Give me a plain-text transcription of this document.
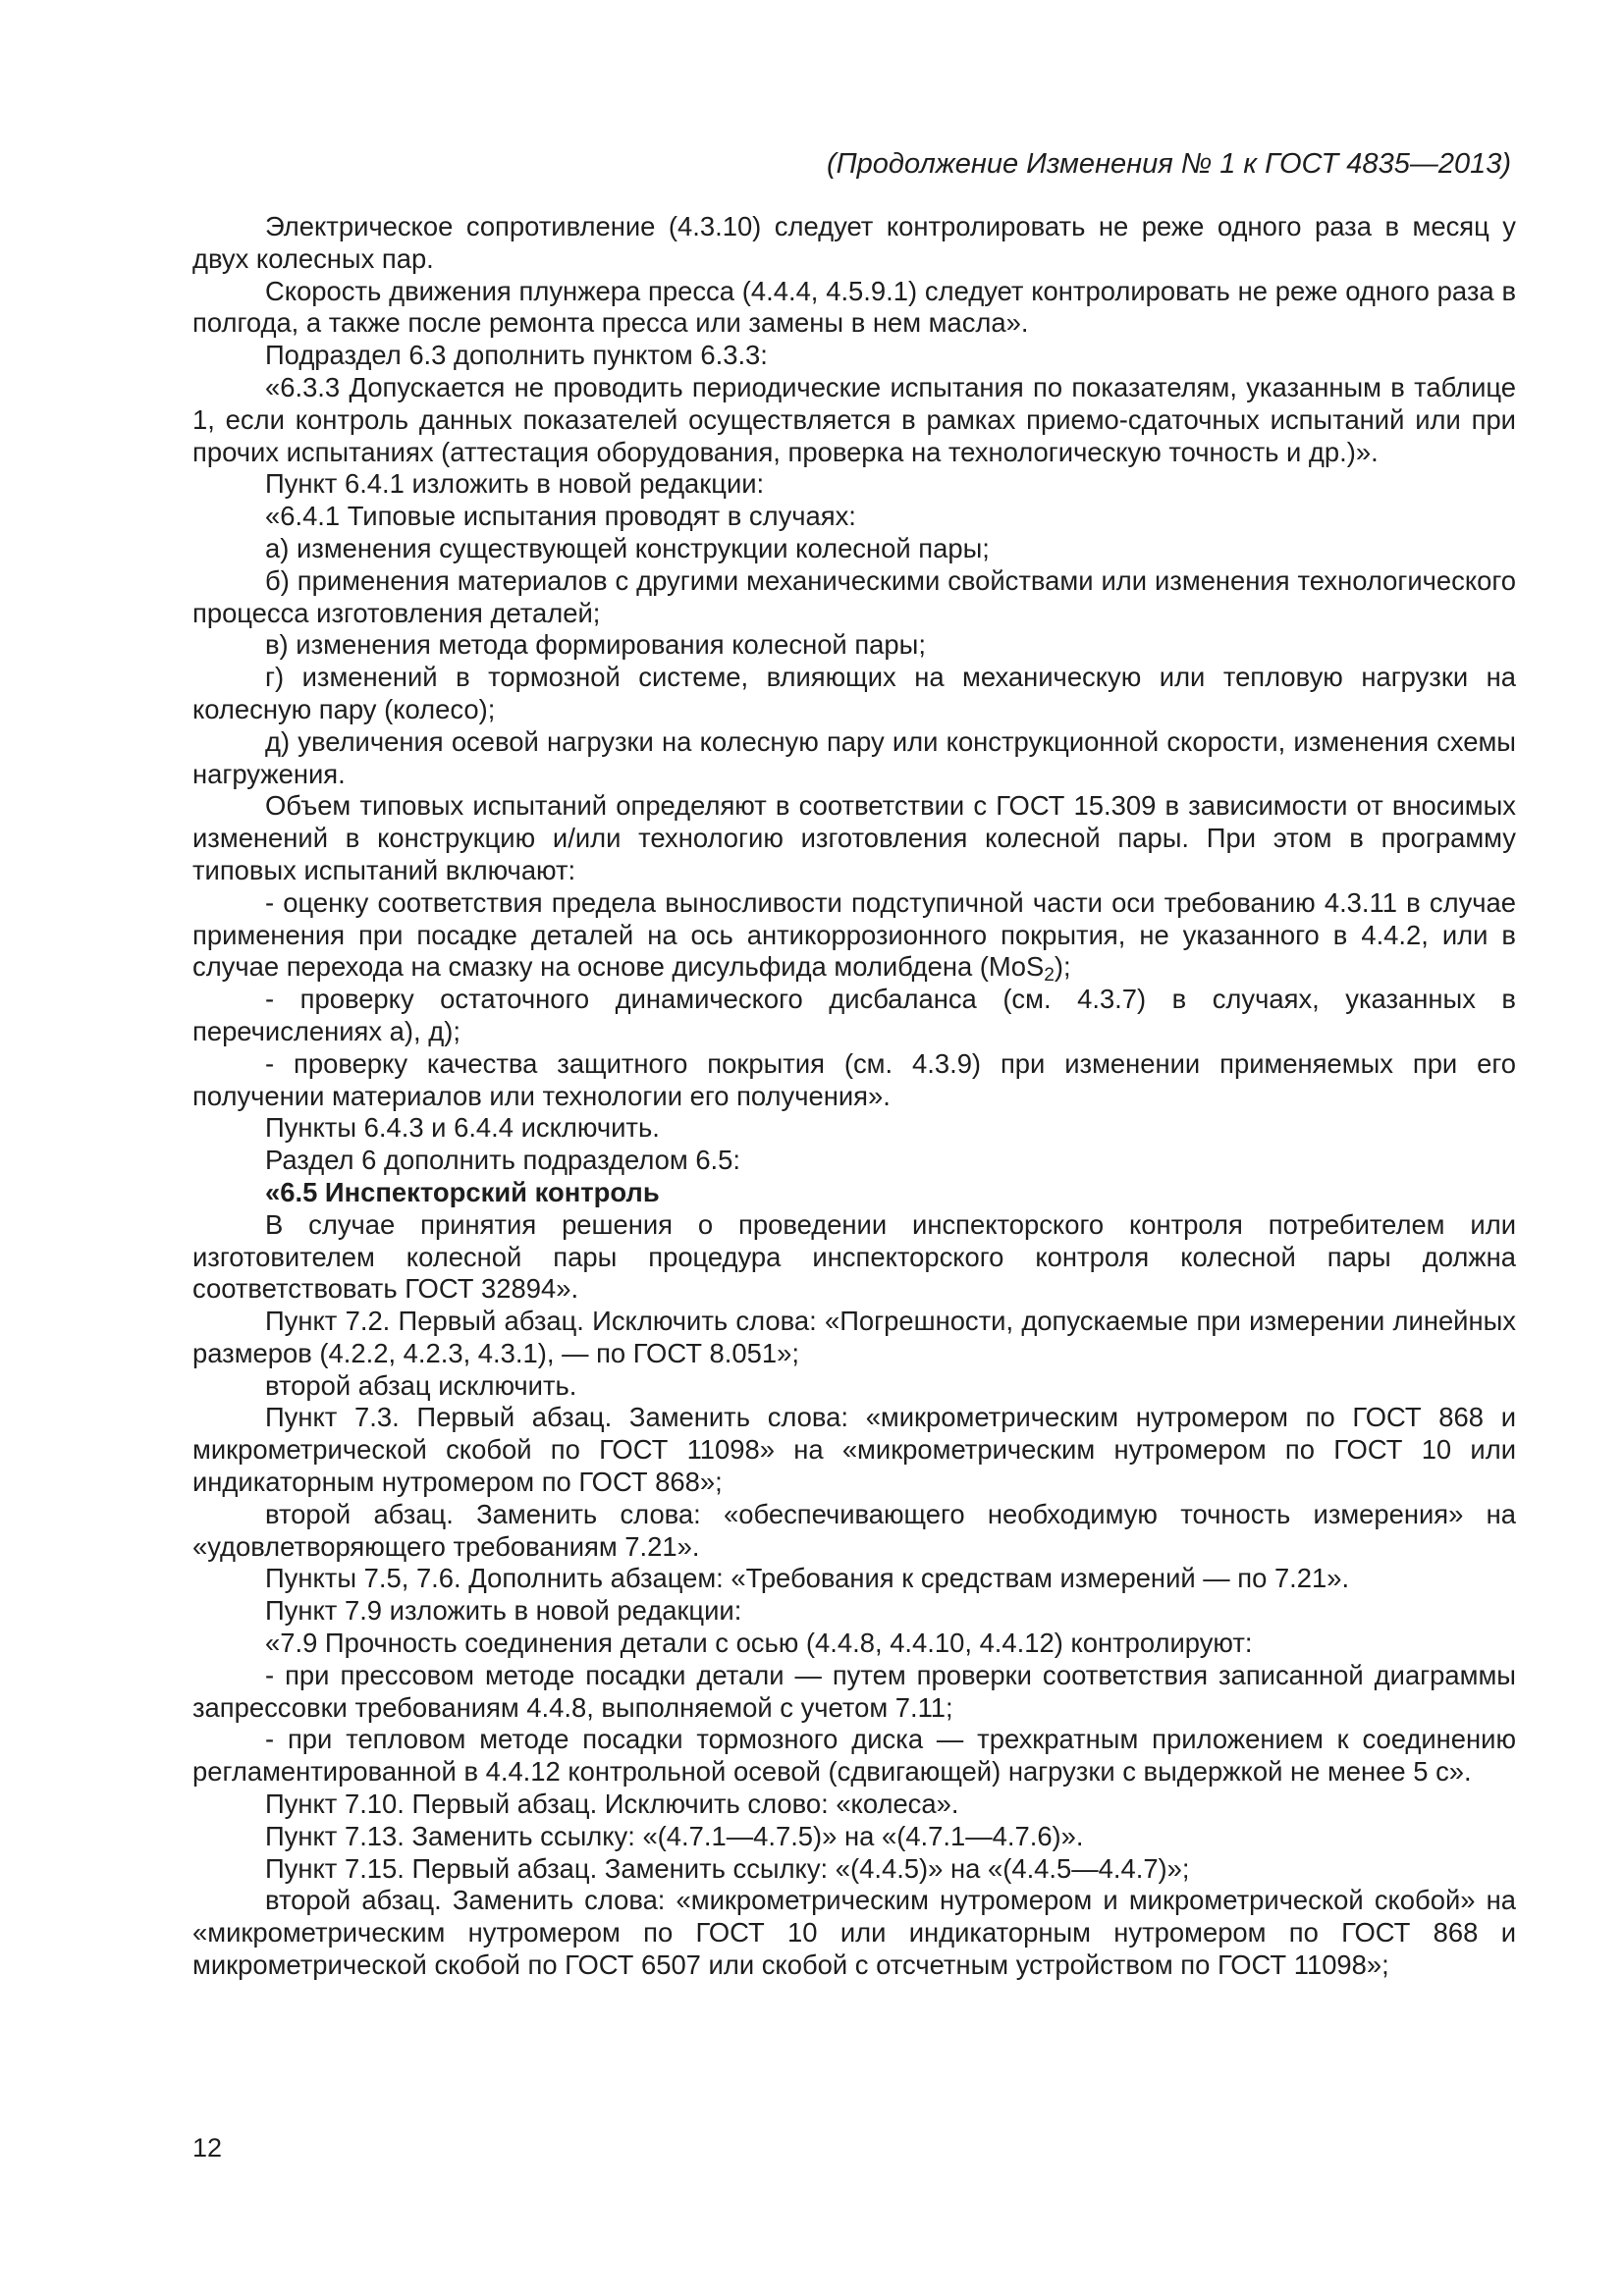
(Продолжение Изменения № 1 к ГОСТ 4835—2013)

Электрическое сопротивление (4.3.10) следует контролировать не реже одного раза в месяц у двух колесных пар.

Скорость движения плунжера пресса (4.4.4, 4.5.9.1) следует контролировать не реже одного раза в полгода, а также после ремонта пресса или замены в нем масла».

Подраздел 6.3 дополнить пунктом 6.3.3:

«6.3.3 Допускается не проводить периодические испытания по показателям, указанным в таблице 1, если контроль данных показателей осуществляется в рамках приемо-сдаточных испытаний или при прочих испытаниях (аттестация оборудования, проверка на технологическую точность и др.)».

Пункт 6.4.1 изложить в новой редакции:

«6.4.1 Типовые испытания проводят в случаях:

а) изменения существующей конструкции колесной пары;

б) применения материалов с другими механическими свойствами или изменения технологического процесса изготовления деталей;

в) изменения метода формирования колесной пары;

г) изменений в тормозной системе, влияющих на механическую или тепловую нагрузки на колесную пару (колесо);

д) увеличения осевой нагрузки на колесную пару или конструкционной скорости, изменения схемы нагружения.

Объем типовых испытаний определяют в соответствии с ГОСТ 15.309 в зависимости от вносимых изменений в конструкцию и/или технологию изготовления колесной пары. При этом в программу типовых испытаний включают:

- оценку соответствия предела выносливости подступичной части оси требованию 4.3.11 в случае применения при посадке деталей на ось антикоррозионного покрытия, не указанного в 4.4.2, или в случае перехода на смазку на основе дисульфида молибдена (MoS$_2$);

- проверку остаточного динамического дисбаланса (см. 4.3.7) в случаях, указанных в перечислениях а), д);

- проверку качества защитного покрытия (см. 4.3.9) при изменении применяемых при его получении материалов или технологии его получения».

Пункты 6.4.3 и 6.4.4 исключить.

Раздел 6 дополнить подразделом 6.5:

«6.5 Инспекторский контроль

В случае принятия решения о проведении инспекторского контроля потребителем или изготовителем колесной пары процедура инспекторского контроля колесной пары должна соответствовать ГОСТ 32894».

Пункт 7.2. Первый абзац. Исключить слова: «Погрешности, допускаемые при измерении линейных размеров (4.2.2, 4.2.3, 4.3.1), — по ГОСТ 8.051»;

второй абзац исключить.

Пункт 7.3. Первый абзац. Заменить слова: «микрометрическим нутромером по ГОСТ 868 и микрометрической скобой по ГОСТ 11098» на «микрометрическим нутромером по ГОСТ 10 или индикаторным нутромером по ГОСТ 868»;

второй абзац. Заменить слова: «обеспечивающего необходимую точность измерения» на «удовлетворяющего требованиям 7.21».

Пункты 7.5, 7.6. Дополнить абзацем: «Требования к средствам измерений — по 7.21».

Пункт 7.9 изложить в новой редакции:

«7.9 Прочность соединения детали с осью (4.4.8, 4.4.10, 4.4.12) контролируют:

- при прессовом методе посадки детали — путем проверки соответствия записанной диаграммы запрессовки требованиям 4.4.8, выполняемой с учетом 7.11;

- при тепловом методе посадки тормозного диска — трехкратным приложением к соединению регламентированной в 4.4.12 контрольной осевой (сдвигающей) нагрузки с выдержкой не менее 5 с».

Пункт 7.10. Первый абзац. Исключить слово: «колеса».

Пункт 7.13. Заменить ссылку: «(4.7.1—4.7.5)» на «(4.7.1—4.7.6)».

Пункт 7.15. Первый абзац. Заменить ссылку: «(4.4.5)» на «(4.4.5—4.4.7)»;

второй абзац. Заменить слова: «микрометрическим нутромером и микрометрической скобой» на «микрометрическим нутромером по ГОСТ 10 или индикаторным нутромером по ГОСТ 868 и микрометрической скобой по ГОСТ 6507 или скобой с отсчетным устройством по ГОСТ 11098»;

12
